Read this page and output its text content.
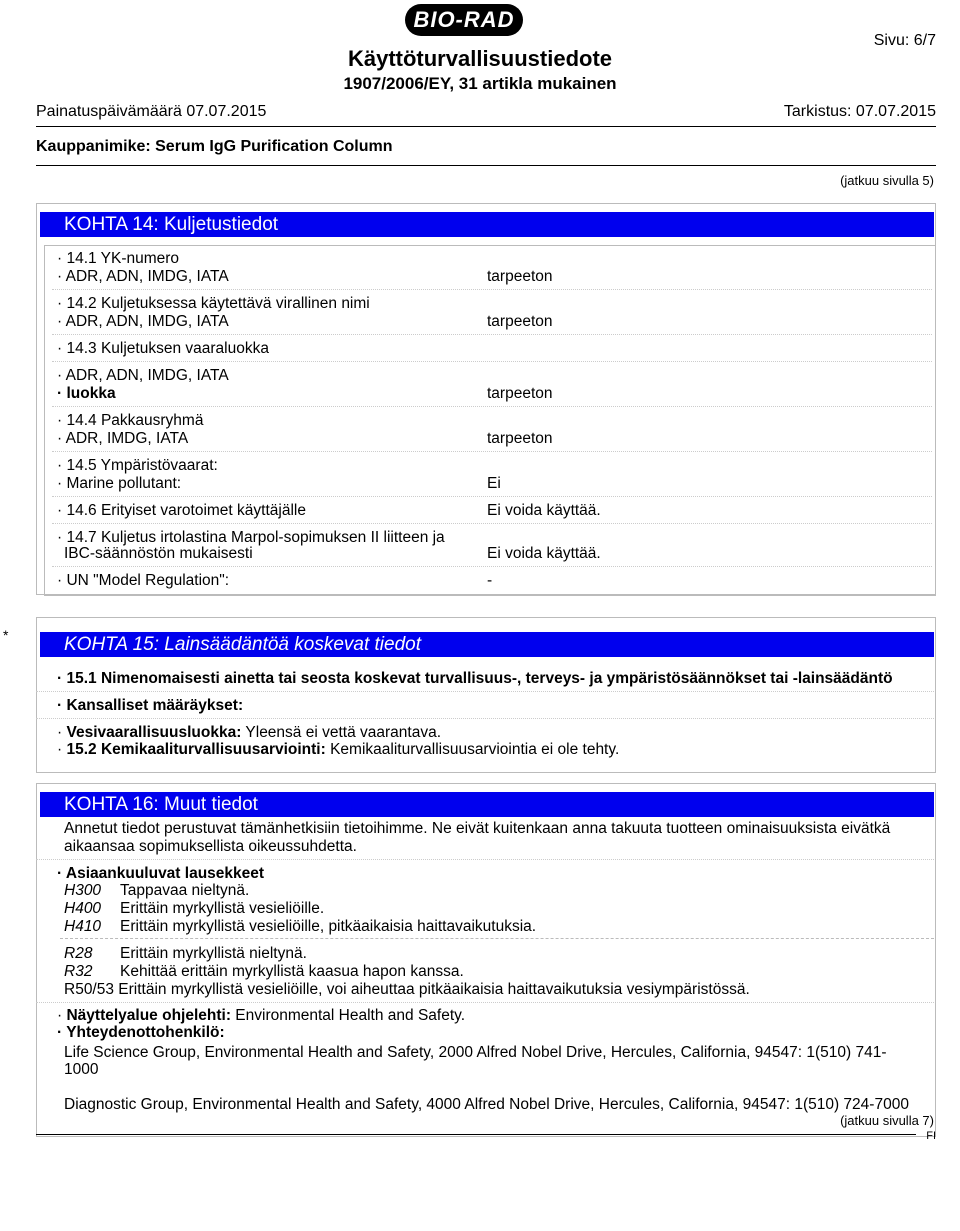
BIO-RAD
Sivu: 6/7
Käyttöturvallisuustiedote
1907/2006/EY, 31 artikla mukainen
Painatuspäivämäärä 07.07.2015	Tarkistus: 07.07.2015
Kauppanimike: Serum IgG Purification Column
(jatkuu sivulla 5)
KOHTA 14: Kuljetustiedot
· 14.1 YK-numero
· ADR, ADN, IMDG, IATA	tarpeeton
· 14.2 Kuljetuksessa käytettävä virallinen nimi
· ADR, ADN, IMDG, IATA	tarpeeton
· 14.3 Kuljetuksen vaaraluokka
· ADR, ADN, IMDG, IATA
· luokka	tarpeeton
· 14.4 Pakkausryhmä
· ADR, IMDG, IATA	tarpeeton
· 14.5 Ympäristövaarat:
· Marine pollutant:	Ei
· 14.6 Erityiset varotoimet käyttäjälle	Ei voida käyttää.
· 14.7 Kuljetus irtolastina Marpol-sopimuksen II liitteen ja
IBC-säännöstön mukaisesti	Ei voida käyttää.
· UN "Model Regulation":	-
*	KOHTA 15: Lainsäädäntöä koskevat tiedot
· 15.1 Nimenomaisesti ainetta tai seosta koskevat turvallisuus-, terveys- ja ympäristösäännökset tai -lainsäädäntö
· Kansalliset määräykset:
· Vesivaarallisuusluokka: Yleensä ei vettä vaarantava.
· 15.2 Kemikaaliturvallisuusarviointi: Kemikaaliturvallisuusarviointia ei ole tehty.
KOHTA 16: Muut tiedot
Annetut tiedot perustuvat tämänhetkisiin tietoihimme. Ne eivät kuitenkaan anna takuuta tuotteen ominaisuuksista eivätkä
aikaansaa sopimuksellista oikeussuhdetta.
· Asiaankuuluvat lausekkeet
H300 Tappavaa nieltynä.
H400 Erittäin myrkyllistä vesieliöille.
H410 Erittäin myrkyllistä vesieliöille, pitkäaikaisia haittavaikutuksia.
R28 Erittäin myrkyllistä nieltynä.
R32 Kehittää erittäin myrkyllistä kaasua hapon kanssa.
R50/53 Erittäin myrkyllistä vesieliöille, voi aiheuttaa pitkäaikaisia haittavaikutuksia vesiympäristössä.
· Näyttelyalue ohjelehti: Environmental Health and Safety.
· Yhteydenottohenkilö:
Life Science Group, Environmental Health and Safety, 2000 Alfred Nobel Drive, Hercules, California, 94547: 1(510) 741-
1000
Diagnostic Group, Environmental Health and Safety, 4000 Alfred Nobel Drive, Hercules, California, 94547: 1(510) 724-7000
(jatkuu sivulla 7)
FI
